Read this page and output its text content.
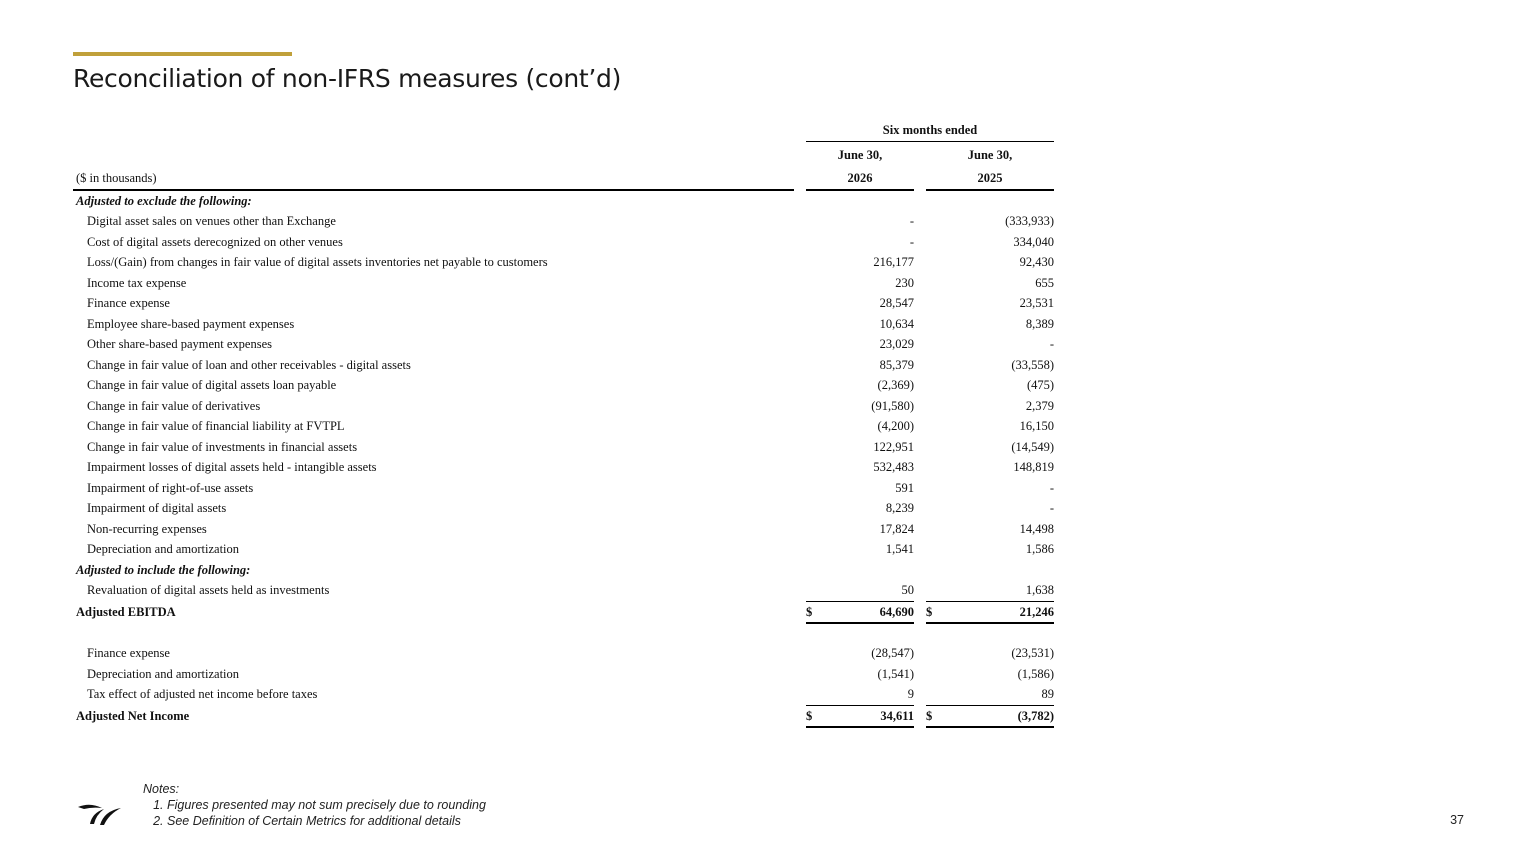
Reconciliation of non-IFRS measures (cont’d)
		Six months ended				
		June 30,			June 30,	
($ in thousands)		2026			2025	
Adjusted to exclude the following:						
Digital asset sales on venues other than Exchange			-			(333,933)
Cost of digital assets derecognized on other venues			-			334,040
Loss/(Gain) from changes in fair value of digital assets inventories net payable to customers			216,177			92,430
Income tax expense			230			655
Finance expense			28,547			23,531
Employee share-based payment expenses			10,634			8,389
Other share-based payment expenses			23,029			-
Change in fair value of loan and other receivables - digital assets			85,379			(33,558)
Change in fair value of digital assets loan payable			(2,369)			(475)
Change in fair value of derivatives			(91,580)			2,379
Change in fair value of financial liability at FVTPL			(4,200)			16,150
Change in fair value of investments in financial assets			122,951			(14,549)
Impairment losses of digital assets held - intangible assets			532,483			148,819
Impairment of right-of-use assets			591			-
Impairment of digital assets			8,239			-
Non-recurring expenses			17,824			14,498
Depreciation and amortization			1,541			1,586
Adjusted to include the following:						
Revaluation of digital assets held as investments			50			1,638
Adjusted EBITDA		$	64,690		$	21,246

Finance expense			(28,547)			(23,531)
Depreciation and amortization			(1,541)			(1,586)
Tax effect of adjusted net income before taxes			9			89
Adjusted Net Income		$	34,611		$	(3,782)
Notes:
1. Figures presented may not sum precisely due to rounding
2. See Definition of Certain Metrics for additional details	37
